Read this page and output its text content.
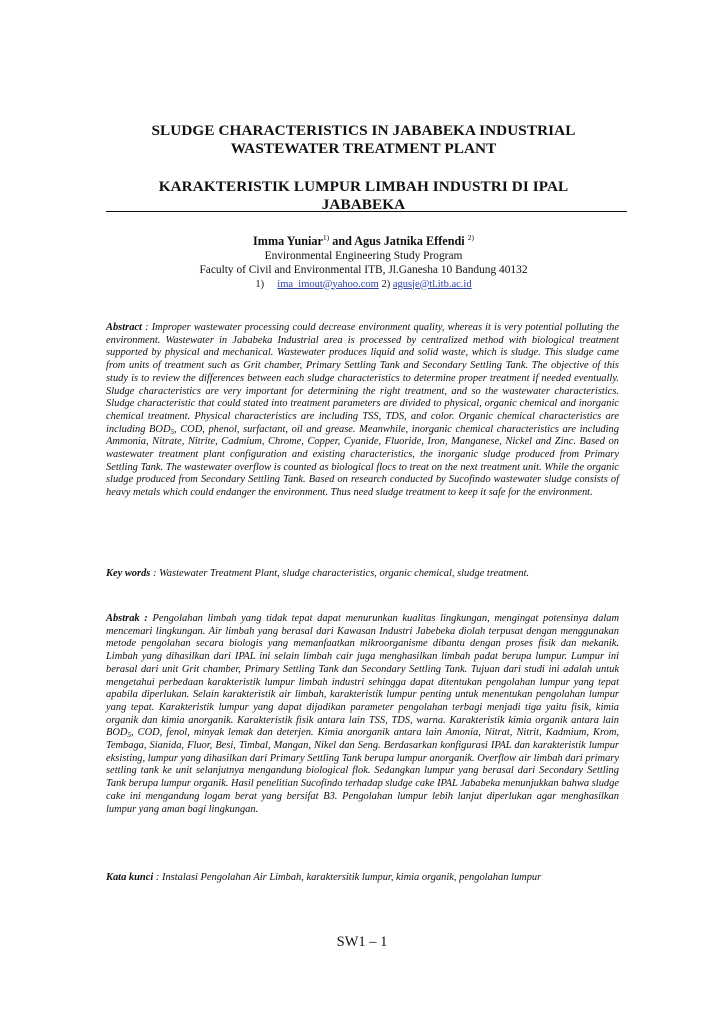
SLUDGE CHARACTERISTICS IN JABABEKA INDUSTRIAL
WASTEWATER TREATMENT PLANT
KARAKTERISTIK LUMPUR LIMBAH INDUSTRI DI IPAL
JABABEKA
Imma Yuniar$^{1)}$ and Agus Jatnika Effendi $^{2)}$
Environmental Engineering Study Program
Faculty of Civil and Environmental ITB, Jl.Ganesha 10 Bandung 40132
1) ima_imout@yahoo.com 2) agusje@tl.itb.ac.id
Abstract : Improper wastewater processing could decrease environment quality, whereas it is very potential polluting the environment. Wastewater in Jababeka Industrial area is processed by centralized method with biological treatment supported by physical and mechanical. Wastewater produces liquid and solid waste, which is sludge. This sludge came from units of treatment such as Grit chamber, Primary Settling Tank and Secondary Settling Tank. The objective of this study is to review the differences between each sludge characteristics to determine proper treatment if needed eventually. Sludge characteristics are very important for determining the right treatment, and so the wastewater characteristics. Sludge characteristic that could stated into treatment parameters are divided to physical, organic chemical and inorganic chemical treatment. Physical characteristics are including TSS, TDS, and color. Organic chemical characteristics are including $BOD_5$, COD, phenol, surfactant, oil and grease. Meanwhile, inorganic chemical characteristics are including Ammonia, Nitrate, Nitrite, Cadmium, Chrome, Copper, Cyanide, Fluoride, Iron, Manganese, Nickel and Zinc. Based on wastewater treatment plant configuration and existing characteristics, the inorganic sludge produced from Primary Settling Tank. The wastewater overflow is counted as biological flocs to treat on the next treatment unit. While the organic sludge produced from Secondary Settling Tank. Based on research conducted by Sucofindo wastewater sludge consists of heavy metals which could endanger the environment. Thus need sludge treatment to keep it safe for the environment.
Key words : Wastewater Treatment Plant, sludge characteristics, organic chemical, sludge treatment.
Abstrak : Pengolahan limbah yang tidak tepat dapat menurunkan kualitas lingkungan, mengingat potensinya dalam mencemari lingkungan. Air limbah yang berasal dari Kawasan Industri Jabebeka diolah terpusat dengan menggunakan metode pengolahan secara biologis yang memanfaatkan mikroorganisme dibantu dengan proses fisik dan mekanik. Limbah yang dihasilkan dari IPAL ini selain limbah cair juga menghasilkan limbah padat berupa lumpur. Lumpur ini berasal dari unit Grit chamber, Primary Settling Tank dan Secondary Settling Tank. Tujuan dari studi ini adalah untuk mengetahui perbedaan karakteristik lumpur limbah industri sehingga dapat ditentukan pengolahan lumpur yang tepat apabila diperlukan. Selain karakteristik air limbah, karakteristik lumpur penting untuk menentukan pengolahan lumpur yang tepat. Karakteristik lumpur yang dapat dijadikan parameter pengolahan terbagi menjadi tiga yaitu fisik, kimia organik dan kimia anorganik. Karakteristik fisik antara lain TSS, TDS, warna. Karakteristik kimia organik antara lain $BOD_5$, COD, fenol, minyak lemak dan deterjen. Kimia anorganik antara lain Amonia, Nitrat, Nitrit, Kadmium, Krom, Tembaga, Sianida, Fluor, Besi, Timbal, Mangan, Nikel dan Seng. Berdasarkan konfigurasi IPAL dan karakteristik lumpur eksisting, lumpur yang dihasilkan dari Primary Settling Tank berupa lumpur anorganik. Overflow air limbah dari primary settling tank ke unit selanjutnya mengandung biological flok. Sedangkan lumpur yang berasal dari Secondary Settling Tank berupa lumpur organik. Hasil penelitian Sucofindo terhadap sludge cake IPAL Jababeka menunjukkan bahwa sludge cake ini mengandung logam berat yang bersifat B3. Pengolahan lumpur lebih lanjut diperlukan agar menghasilkan lumpur yang aman bagi lingkungan.
Kata kunci : Instalasi Pengolahan Air Limbah, karaktersitik lumpur, kimia organik, pengolahan lumpur
SW1 – 1
